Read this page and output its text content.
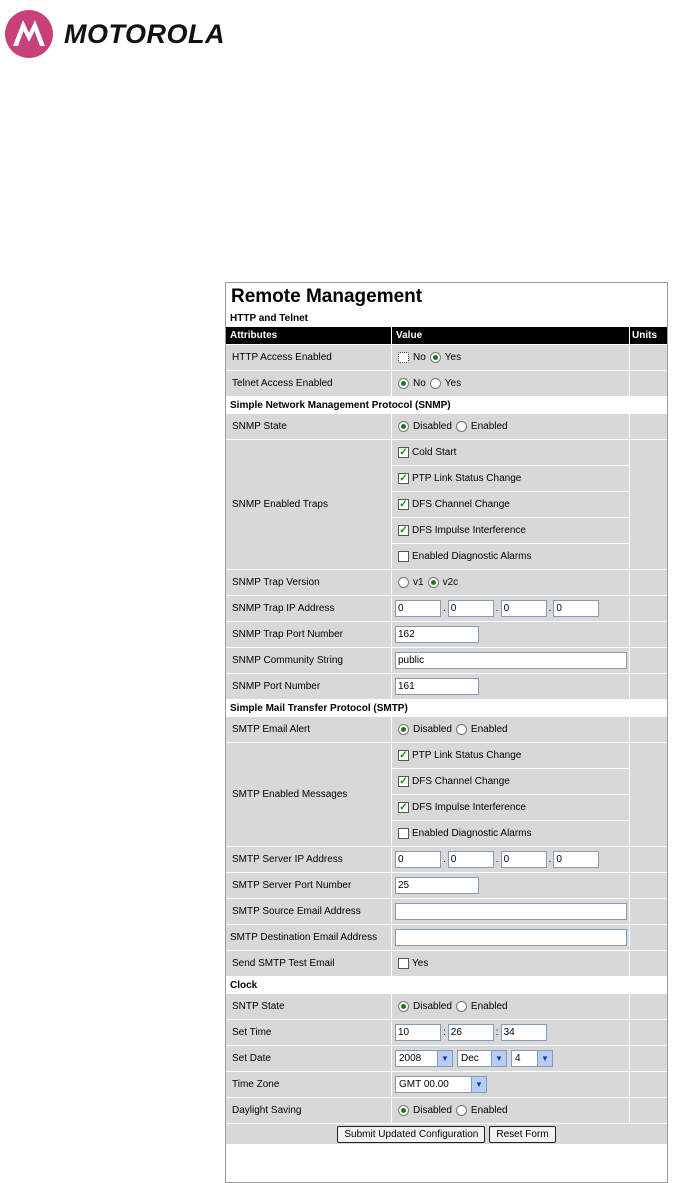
MOTOROLA
Remote Management
HTTP and Telnet
Attributes	Value	Units
HTTP Access Enabled	No Yes
Telnet Access Enabled	No Yes
Simple Network Management Protocol (SNMP)
SNMP State	Disabled Enabled
SNMP Enabled Traps
✓ Cold Start
✓ PTP Link Status Change
✓ DFS Channel Change
✓ DFS Impulse Interference
Enabled Diagnostic Alarms
SNMP Trap Version	v1 v2c
SNMP Trap IP Address	0	. 0	. 0	. 0
SNMP Trap Port Number	162
SNMP Community String	public
SNMP Port Number	161
Simple Mail Transfer Protocol (SMTP)
SMTP Email Alert	Disabled Enabled
SMTP Enabled Messages
✓ PTP Link Status Change
✓ DFS Channel Change
✓ DFS Impulse Interference
Enabled Diagnostic Alarms
SMTP Server IP Address	0	. 0	. 0	. 0
SMTP Server Port Number	25
SMTP Source Email Address
SMTP Destination Email Address
Send SMTP Test Email	Yes
Clock
SNTP State	Disabled Enabled
Set Time	10	: 26	: 34
Set Date	2008	▼	Dec	▼	4	▼
Time Zone	GMT 00.00	▼
Daylight Saving	Disabled Enabled
Submit Updated Configuration	Reset Form
